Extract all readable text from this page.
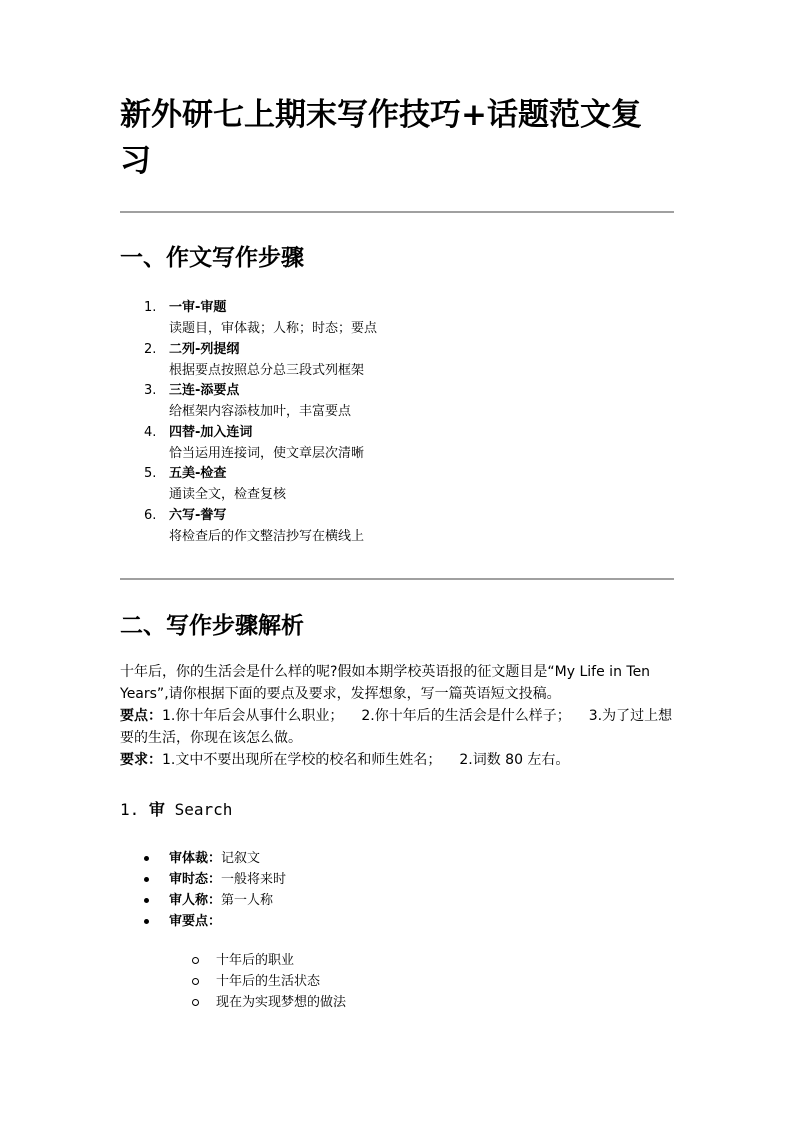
新外研七上期末写作技巧+话题范文复习
一、作文写作步骤
1. 一审-审题
读题目，审体裁；人称；时态；要点
2. 二列-列提纲
根据要点按照总分总三段式列框架
3. 三连-添要点
给框架内容添枝加叶，丰富要点
4. 四替-加入连词
恰当运用连接词，使文章层次清晰
5. 五美-检查
通读全文，检查复核
6. 六写-誊写
将检查后的作文整洁抄写在横线上
二、写作步骤解析

十年后，你的生活会是什么样的呢?假如本期学校英语报的征文题目是“My Life in Ten Years”,请你根据下面的要点及要求，发挥想象，写一篇英语短文投稿。

要点：1.你十年后会从事什么职业； 2.你十年后的生活会是什么样子； 3.为了过上想要的生活，你现在该怎么做。

要求：1.文中不要出现所在学校的校名和师生姓名； 2.词数 80 左右。

1. 审 Search
审体裁：记叙文
审时态：一般将来时
审人称：第一人称
审要点：
十年后的职业
十年后的生活状态
现在为实现梦想的做法
